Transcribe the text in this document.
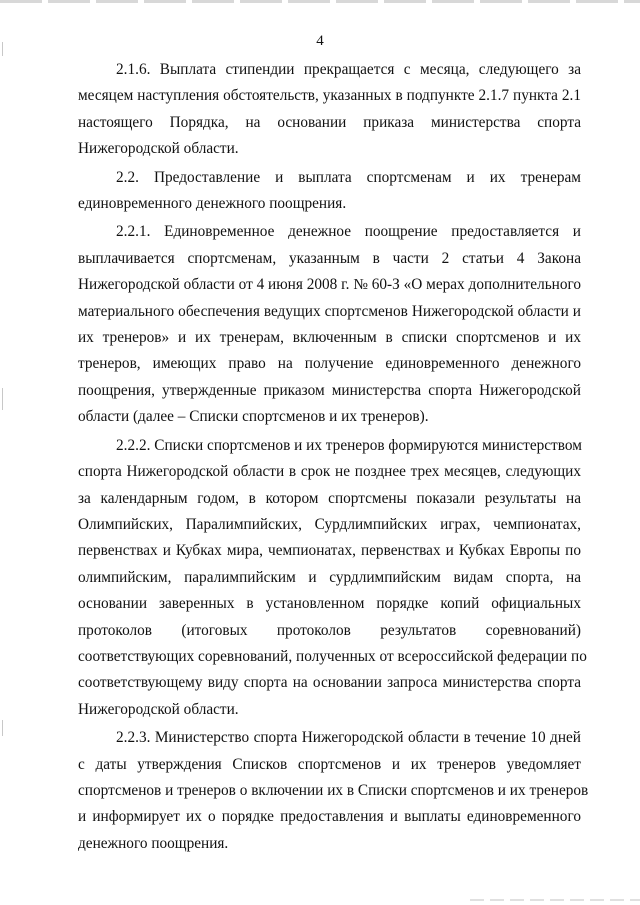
4
2.1.6. Выплата стипендии прекращается с месяца, следующего за
месяцем наступления обстоятельств, указанных в подпункте 2.1.7 пункта 2.1
настоящего Порядка, на основании приказа министерства спорта
Нижегородской области.
2.2. Предоставление и выплата спортсменам и их тренерам
единовременного денежного поощрения.
2.2.1. Единовременное денежное поощрение предоставляется и
выплачивается спортсменам, указанным в части 2 статьи 4 Закона
Нижегородской области от 4 июня 2008 г. № 60-З «О мерах дополнительного
материального обеспечения ведущих спортсменов Нижегородской области и
их тренеров» и их тренерам, включенным в списки спортсменов и их
тренеров, имеющих право на получение единовременного денежного
поощрения, утвержденные приказом министерства спорта Нижегородской
области (далее – Списки спортсменов и их тренеров).
2.2.2. Списки спортсменов и их тренеров формируются министерством
спорта Нижегородской области в срок не позднее трех месяцев, следующих
за календарным годом, в котором спортсмены показали результаты на
Олимпийских, Паралимпийских, Сурдлимпийских играх, чемпионатах,
первенствах и Кубках мира, чемпионатах, первенствах и Кубках Европы по
олимпийским, паралимпийским и сурдлимпийским видам спорта, на
основании заверенных в установленном порядке копий официальных
протоколов (итоговых протоколов результатов соревнований)
соответствующих соревнований, полученных от всероссийской федерации по
соответствующему виду спорта на основании запроса министерства спорта
Нижегородской области.
2.2.3. Министерство спорта Нижегородской области в течение 10 дней
с даты утверждения Списков спортсменов и их тренеров уведомляет
спортсменов и тренеров о включении их в Списки спортсменов и их тренеров
и информирует их о порядке предоставления и выплаты единовременного
денежного поощрения.
